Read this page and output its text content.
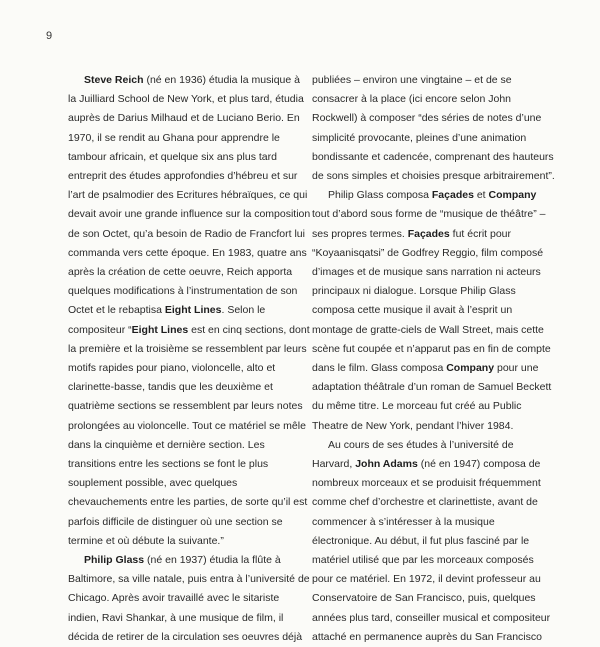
9
Steve Reich (né en 1936) étudia la musique à
la Juilliard School de New York, et plus tard, étudia
auprès de Darius Milhaud et de Luciano Berio. En
1970, il se rendit au Ghana pour apprendre le
tambour africain, et quelque six ans plus tard
entreprit des études approfondies d’hébreu et sur
l’art de psalmodier des Ecritures hébraïques, ce qui
devait avoir une grande influence sur la composition
de son Octet, qu’a besoin de Radio de Francfort lui
commanda vers cette époque. En 1983, quatre ans
après la création de cette oeuvre, Reich apporta
quelques modifications à l’instrumentation de son
Octet et le rebaptisa Eight Lines. Selon le
compositeur “Eight Lines est en cinq sections, dont
la première et la troisième se ressemblent par leurs
motifs rapides pour piano, violoncelle, alto et
clarinette-basse, tandis que les deuxième et
quatrième sections se ressemblent par leurs notes
prolongées au violoncelle. Tout ce matériel se mêle
dans la cinquième et dernière section. Les
transitions entre les sections se font le plus
souplement possible, avec quelques
chevauchements entre les parties, de sorte qu’il est
parfois difficile de distinguer où une section se
termine et où débute la suivante.”
Philip Glass (né en 1937) étudia la flûte à
Baltimore, sa ville natale, puis entra à l’université de
Chicago. Après avoir travaillé avec le sitariste
indien, Ravi Shankar, à une musique de film, il
décida de retirer de la circulation ses oeuvres déjà
publiées – environ une vingtaine – et de se
consacrer à la place (ici encore selon John
Rockwell) à composer “des séries de notes d’une
simplicité provocante, pleines d’une animation
bondissante et cadencée, comprenant des hauteurs
de sons simples et choisies presque arbitrairement”.
Philip Glass composa Façades et Company
tout d’abord sous forme de “musique de théâtre” –
ses propres termes. Façades fut écrit pour
“Koyaanisqatsi” de Godfrey Reggio, film composé
d’images et de musique sans narration ni acteurs
principaux ni dialogue. Lorsque Philip Glass
composa cette musique il avait à l’esprit un
montage de gratte-ciels de Wall Street, mais cette
scène fut coupée et n’apparut pas en fin de compte
dans le film. Glass composa Company pour une
adaptation théâtrale d’un roman de Samuel Beckett
du même titre. Le morceau fut créé au Public
Theatre de New York, pendant l’hiver 1984.
Au cours de ses études à l’université de
Harvard, John Adams (né en 1947) composa de
nombreux morceaux et se produisit fréquemment
comme chef d’orchestre et clarinettiste, avant de
commencer à s’intéresser à la musique
électronique. Au début, il fut plus fasciné par le
matériel utilisé que par les morceaux composés
pour ce matériel. En 1972, il devint professeur au
Conservatoire de San Francisco, puis, quelques
années plus tard, conseiller musical et compositeur
attaché en permanence auprès du San Francisco
